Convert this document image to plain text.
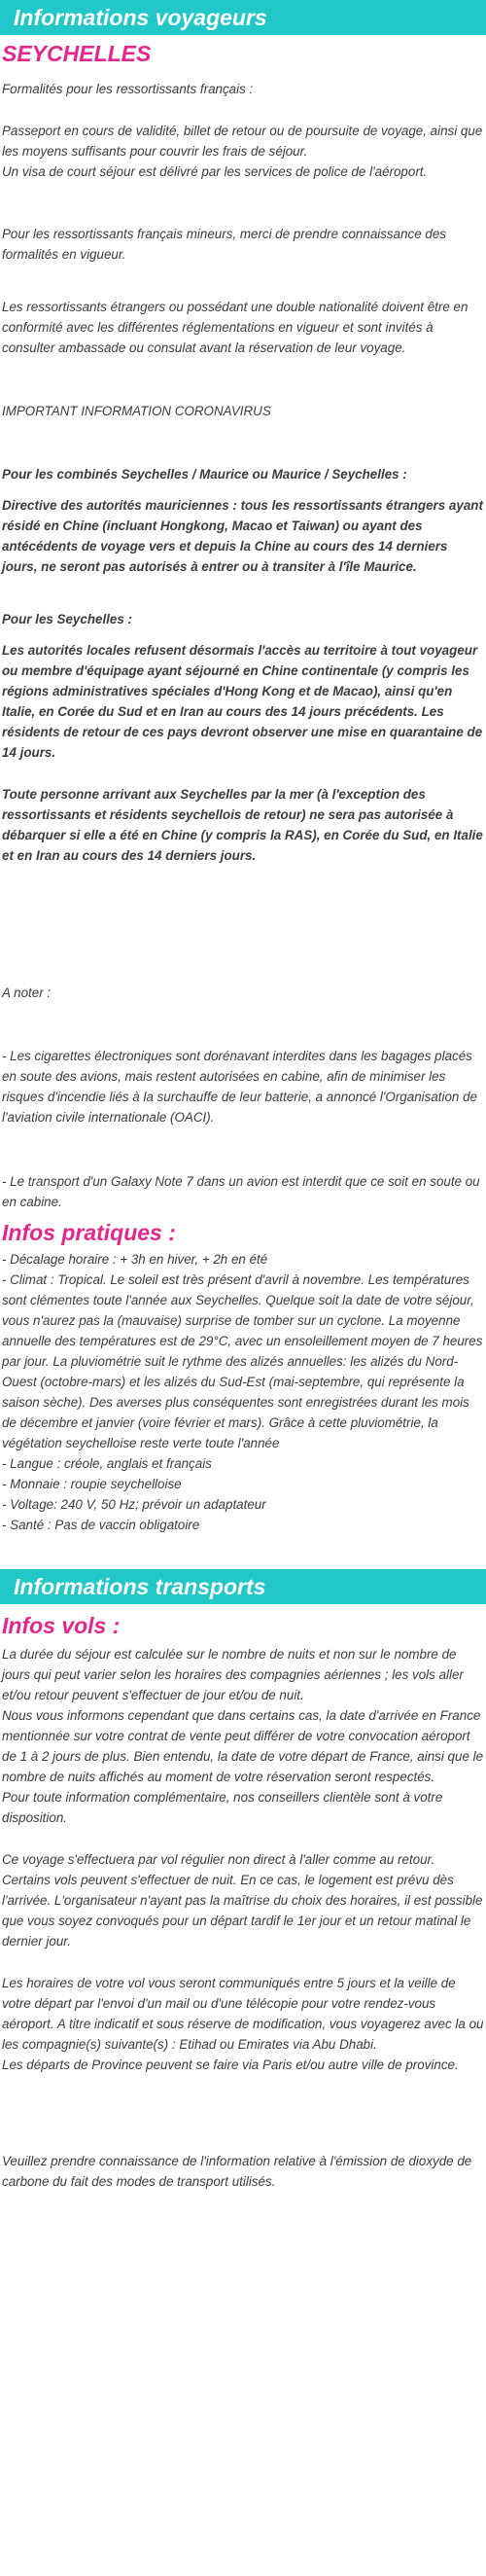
Informations voyageurs
SEYCHELLES

Formalités pour les ressortissants français :

Passeport en cours de validité, billet de retour ou de poursuite de voyage, ainsi que les moyens suffisants pour couvrir les frais de séjour.
Un visa de court séjour est délivré par les services de police de l'aéroport.

Pour les ressortissants français mineurs, merci de prendre connaissance des formalités en vigueur.

Les ressortissants étrangers ou possédant une double nationalité doivent être en conformité avec les différentes réglementations en vigueur et sont invités à consulter ambassade ou consulat avant la réservation de leur voyage.

IMPORTANT INFORMATION CORONAVIRUS

Pour les combinés Seychelles / Maurice ou Maurice / Seychelles :

Directive des autorités mauriciennes : tous les ressortissants étrangers ayant résidé en Chine (incluant Hongkong, Macao et Taiwan) ou ayant des antécédents de voyage vers et depuis la Chine au cours des 14 derniers jours, ne seront pas autorisés à entrer ou à transiter à l'île Maurice.

Pour les Seychelles :

Les autorités locales refusent désormais l'accès au territoire à tout voyageur ou membre d'équipage ayant séjourné en Chine continentale (y compris les régions administratives spéciales d'Hong Kong et de Macao), ainsi qu'en Italie, en Corée du Sud et en Iran au cours des 14 jours précédents. Les résidents de retour de ces pays devront observer une mise en quarantaine de 14 jours.

Toute personne arrivant aux Seychelles par la mer (à l'exception des ressortissants et résidents seychellois de retour) ne sera pas autorisée à débarquer si elle a été en Chine (y compris la RAS), en Corée du Sud, en Italie et en Iran au cours des 14 derniers jours.

A noter :

- Les cigarettes électroniques sont dorénavant interdites dans les bagages placés en soute des avions, mais restent autorisées en cabine, afin de minimiser les risques d'incendie liés à la surchauffe de leur batterie, a annoncé l'Organisation de l'aviation civile internationale (OACI).

- Le transport d'un Galaxy Note 7 dans un avion est interdit que ce soit en soute ou en cabine.

Infos pratiques :

- Décalage horaire : + 3h en hiver, + 2h en été
- Climat : Tropical. Le soleil est très présent d'avril à novembre. Les températures sont clémentes toute l'année aux Seychelles. Quelque soit la date de votre séjour, vous n'aurez pas la (mauvaise) surprise de tomber sur un cyclone. La moyenne annuelle des températures est de 29°C, avec un ensoleillement moyen de 7 heures par jour. La pluviométrie suit le rythme des alizés annuelles: les alizés du Nord-Ouest (octobre-mars) et les alizés du Sud-Est (mai-septembre, qui représente la saison sèche). Des averses plus conséquentes sont enregistrées durant les mois de décembre et janvier (voire février et mars). Grâce à cette pluviométrie, la végétation seychelloise reste verte toute l'année
- Langue : créole, anglais et français
- Monnaie : roupie seychelloise
- Voltage: 240 V, 50 Hz; prévoir un adaptateur
- Santé : Pas de vaccin obligatoire

Informations transports
Infos vols :

La durée du séjour est calculée sur le nombre de nuits et non sur le nombre de jours qui peut varier selon les horaires des compagnies aériennes ; les vols aller et/ou retour peuvent s'effectuer de jour et/ou de nuit.
Nous vous informons cependant que dans certains cas, la date d'arrivée en France mentionnée sur votre contrat de vente peut différer de votre convocation aéroport de 1 à 2 jours de plus. Bien entendu, la date de votre départ de France, ainsi que le nombre de nuits affichés au moment de votre réservation seront respectés.
Pour toute information complémentaire, nos conseillers clientèle sont à votre disposition.

Ce voyage s'effectuera par vol régulier non direct à l'aller comme au retour. Certains vols peuvent s'effectuer de nuit. En ce cas, le logement est prévu dès l'arrivée. L'organisateur n'ayant pas la maîtrise du choix des horaires, il est possible que vous soyez convoqués pour un départ tardif le 1er jour et un retour matinal le dernier jour.

Les horaires de votre vol vous seront communiqués entre 5 jours et la veille de votre départ par l'envoi d'un mail ou d'une télécopie pour votre rendez-vous aéroport. A titre indicatif et sous réserve de modification, vous voyagerez avec la ou les compagnie(s) suivante(s) : Etihad ou Emirates via Abu Dhabi.
Les départs de Province peuvent se faire via Paris et/ou autre ville de province.

Veuillez prendre connaissance de l'information relative à l'émission de dioxyde de carbone du fait des modes de transport utilisés.
